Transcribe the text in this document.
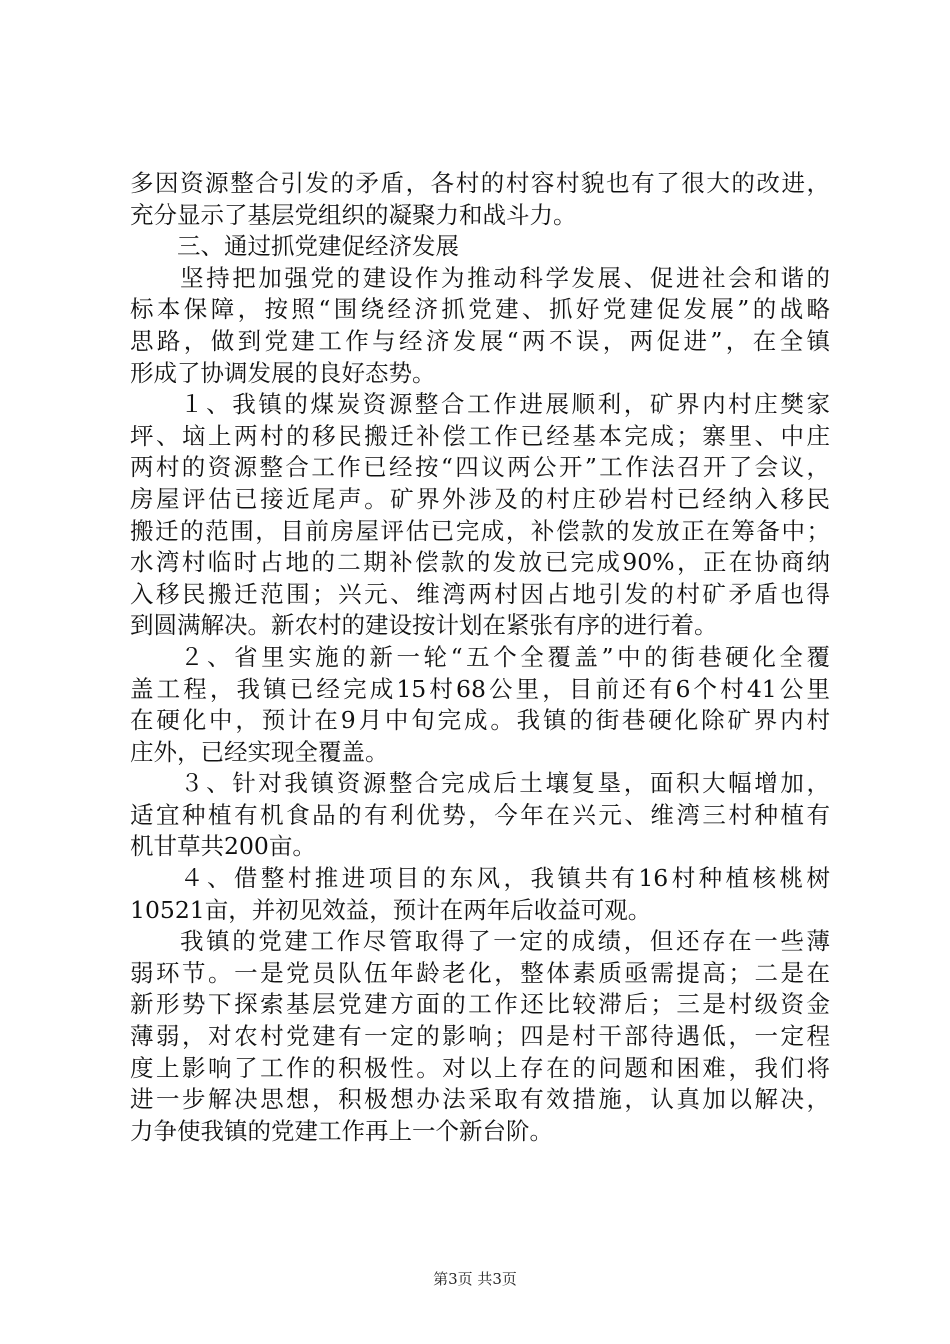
多因资源整合引发的矛盾，各村的村容村貌也有了很大的改进，
充分显示了基层党组织的凝聚力和战斗力。
三、通过抓党建促经济发展
坚持把加强党的建设作为推动科学发展、促进社会和谐的
标本保障，按照“围绕经济抓党建、抓好党建促发展”的战略
思路，做到党建工作与经济发展“两不误，两促进”，在全镇
形成了协调发展的良好态势。
１、我镇的煤炭资源整合工作进展顺利，矿界内村庄樊家
坪、垴上两村的移民搬迁补偿工作已经基本完成；寨里、中庄
两村的资源整合工作已经按“四议两公开”工作法召开了会议，
房屋评估已接近尾声。矿界外涉及的村庄砂岩村已经纳入移民
搬迁的范围，目前房屋评估已完成，补偿款的发放正在筹备中；
水湾村临时占地的二期补偿款的发放已完成90%，正在协商纳
入移民搬迁范围；兴元、维湾两村因占地引发的村矿矛盾也得
到圆满解决。新农村的建设按计划在紧张有序的进行着。
２、省里实施的新一轮“五个全覆盖”中的街巷硬化全覆
盖工程，我镇已经完成15村68公里，目前还有6个村41公里
在硬化中，预计在9月中旬完成。我镇的街巷硬化除矿界内村
庄外，已经实现全覆盖。
３、针对我镇资源整合完成后土壤复垦，面积大幅增加，
适宜种植有机食品的有利优势，今年在兴元、维湾三村种植有
机甘草共200亩。
４、借整村推进项目的东风，我镇共有16村种植核桃树
10521亩，并初见效益，预计在两年后收益可观。
我镇的党建工作尽管取得了一定的成绩，但还存在一些薄
弱环节。一是党员队伍年龄老化，整体素质亟需提高；二是在
新形势下探索基层党建方面的工作还比较滞后；三是村级资金
薄弱，对农村党建有一定的影响；四是村干部待遇低，一定程
度上影响了工作的积极性。对以上存在的问题和困难，我们将
进一步解决思想，积极想办法采取有效措施，认真加以解决，
力争使我镇的党建工作再上一个新台阶。
第3页 共3页
